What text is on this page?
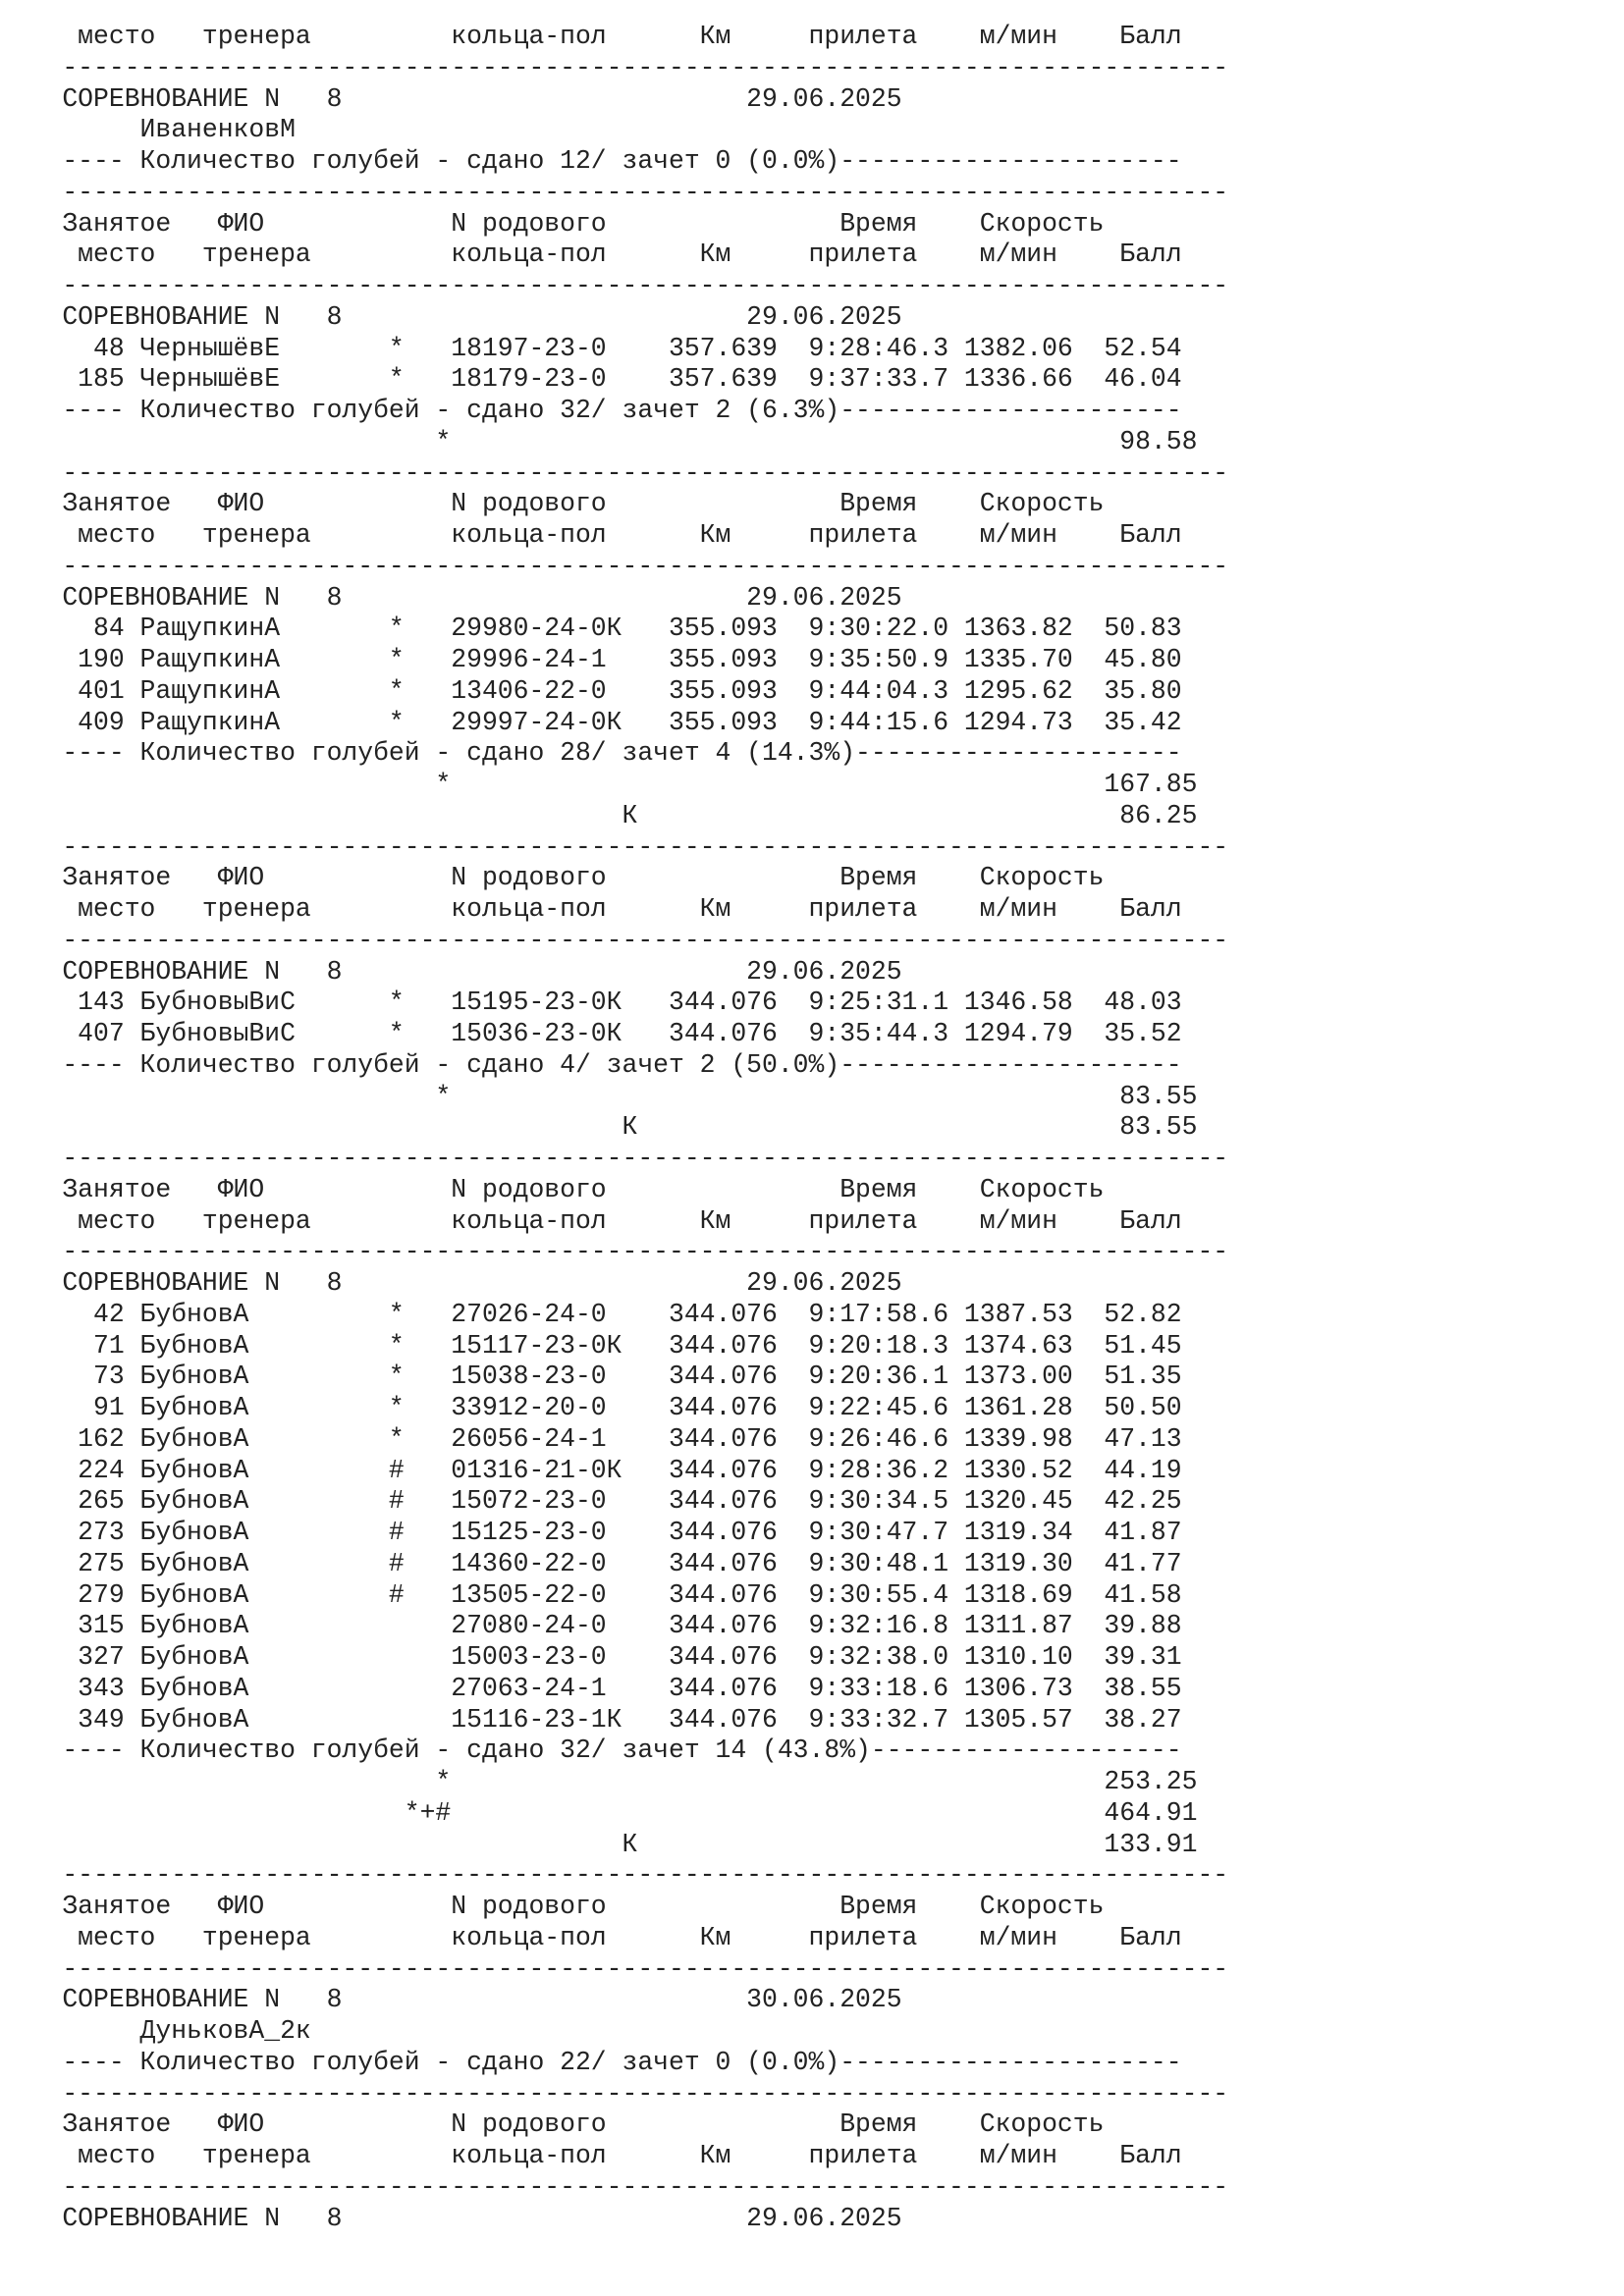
место   тренера         кольца-пол      Км     прилета    м/мин    Балл
---------------------------------------------------------------------------
СОРЕВНОВАНИЕ N   8                          29.06.2025
ИваненковМ
---- Количество голубей - сдано 12/ зачет 0 (0.0%)----------------------
---------------------------------------------------------------------------
Занятое   ФИО            N родового               Время    Скорость
место   тренера         кольца-пол      Км     прилета    м/мин    Балл
---------------------------------------------------------------------------
СОРЕВНОВАНИЕ N   8                          29.06.2025
48 ЧернышёвЕ       *   18197-23-0    357.639  9:28:46.3 1382.06  52.54
185 ЧернышёвЕ       *   18179-23-0    357.639  9:37:33.7 1336.66  46.04
---- Количество голубей - сдано 32/ зачет 2 (6.3%)----------------------
*                                           98.58
---------------------------------------------------------------------------
Занятое   ФИО            N родового               Время    Скорость
место   тренера         кольца-пол      Км     прилета    м/мин    Балл
---------------------------------------------------------------------------
СОРЕВНОВАНИЕ N   8                          29.06.2025
84 РащупкинА       *   29980-24-0К   355.093  9:30:22.0 1363.82  50.83
190 РащупкинА       *   29996-24-1    355.093  9:35:50.9 1335.70  45.80
401 РащупкинА       *   13406-22-0    355.093  9:44:04.3 1295.62  35.80
409 РащупкинА       *   29997-24-0К   355.093  9:44:15.6 1294.73  35.42
---- Количество голубей - сдано 28/ зачет 4 (14.3%)---------------------
*                                          167.85
К                               86.25
---------------------------------------------------------------------------
Занятое   ФИО            N родового               Время    Скорость
место   тренера         кольца-пол      Км     прилета    м/мин    Балл
---------------------------------------------------------------------------
СОРЕВНОВАНИЕ N   8                          29.06.2025
143 БубновыВиС      *   15195-23-0К   344.076  9:25:31.1 1346.58  48.03
407 БубновыВиС      *   15036-23-0К   344.076  9:35:44.3 1294.79  35.52
---- Количество голубей - сдано 4/ зачет 2 (50.0%)----------------------
*                                           83.55
К                               83.55
---------------------------------------------------------------------------
Занятое   ФИО            N родового               Время    Скорость
место   тренера         кольца-пол      Км     прилета    м/мин    Балл
---------------------------------------------------------------------------
СОРЕВНОВАНИЕ N   8                          29.06.2025
42 БубновА         *   27026-24-0    344.076  9:17:58.6 1387.53  52.82
71 БубновА         *   15117-23-0К   344.076  9:20:18.3 1374.63  51.45
73 БубновА         *   15038-23-0    344.076  9:20:36.1 1373.00  51.35
91 БубновА         *   33912-20-0    344.076  9:22:45.6 1361.28  50.50
162 БубновА         *   26056-24-1    344.076  9:26:46.6 1339.98  47.13
224 БубновА         #   01316-21-0К   344.076  9:28:36.2 1330.52  44.19
265 БубновА         #   15072-23-0    344.076  9:30:34.5 1320.45  42.25
273 БубновА         #   15125-23-0    344.076  9:30:47.7 1319.34  41.87
275 БубновА         #   14360-22-0    344.076  9:30:48.1 1319.30  41.77
279 БубновА         #   13505-22-0    344.076  9:30:55.4 1318.69  41.58
315 БубновА             27080-24-0    344.076  9:32:16.8 1311.87  39.88
327 БубновА             15003-23-0    344.076  9:32:38.0 1310.10  39.31
343 БубновА             27063-24-1    344.076  9:33:18.6 1306.73  38.55
349 БубновА             15116-23-1К   344.076  9:33:32.7 1305.57  38.27
---- Количество голубей - сдано 32/ зачет 14 (43.8%)--------------------
*                                          253.25
*+#                                          464.91
К                              133.91
---------------------------------------------------------------------------
Занятое   ФИО            N родового               Время    Скорость
место   тренера         кольца-пол      Км     прилета    м/мин    Балл
---------------------------------------------------------------------------
СОРЕВНОВАНИЕ N   8                          30.06.2025
ДуньковА_2к
---- Количество голубей - сдано 22/ зачет 0 (0.0%)----------------------
---------------------------------------------------------------------------
Занятое   ФИО            N родового               Время    Скорость
место   тренера         кольца-пол      Км     прилета    м/мин    Балл
---------------------------------------------------------------------------
СОРЕВНОВАНИЕ N   8                          29.06.2025
